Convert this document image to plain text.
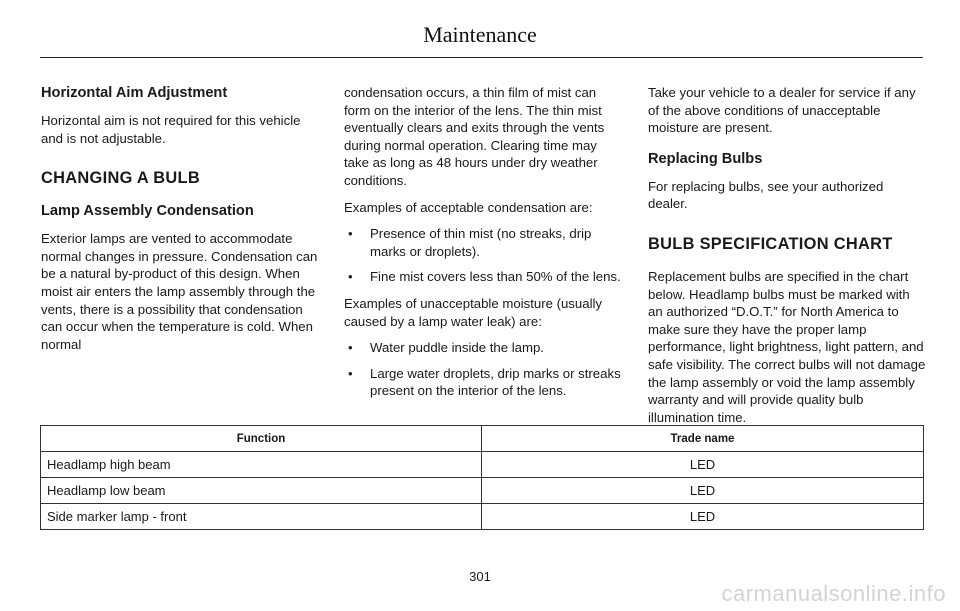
Maintenance
Horizontal Aim Adjustment

Horizontal aim is not required for this vehicle and is not adjustable.

CHANGING A BULB
Lamp Assembly Condensation

Exterior lamps are vented to accommodate normal changes in pressure. Condensation can be a natural by-product of this design. When moist air enters the lamp assembly through the vents, there is a possibility that condensation can occur when the temperature is cold. When normal

condensation occurs, a thin film of mist can form on the interior of the lens. The thin mist eventually clears and exits through the vents during normal operation. Clearing time may take as long as 48 hours under dry weather conditions.

Examples of acceptable condensation are:

• Presence of thin mist (no streaks, drip marks or droplets).
• Fine mist covers less than 50% of the lens.

Examples of unacceptable moisture (usually caused by a lamp water leak) are:

• Water puddle inside the lamp.
• Large water droplets, drip marks or streaks present on the interior of the lens.

Take your vehicle to a dealer for service if any of the above conditions of unacceptable moisture are present.

Replacing Bulbs

For replacing bulbs, see your authorized dealer.

BULB SPECIFICATION CHART

Replacement bulbs are specified in the chart below. Headlamp bulbs must be marked with an authorized “D.O.T.” for North America to make sure they have the proper lamp performance, light brightness, light pattern, and safe visibility. The correct bulbs will not damage the lamp assembly or void the lamp assembly warranty and will provide quality bulb illumination time.

Function	Trade name
Headlamp high beam	LED
Headlamp low beam	LED
Side marker lamp - front	LED
301
carmanualsonline.info
